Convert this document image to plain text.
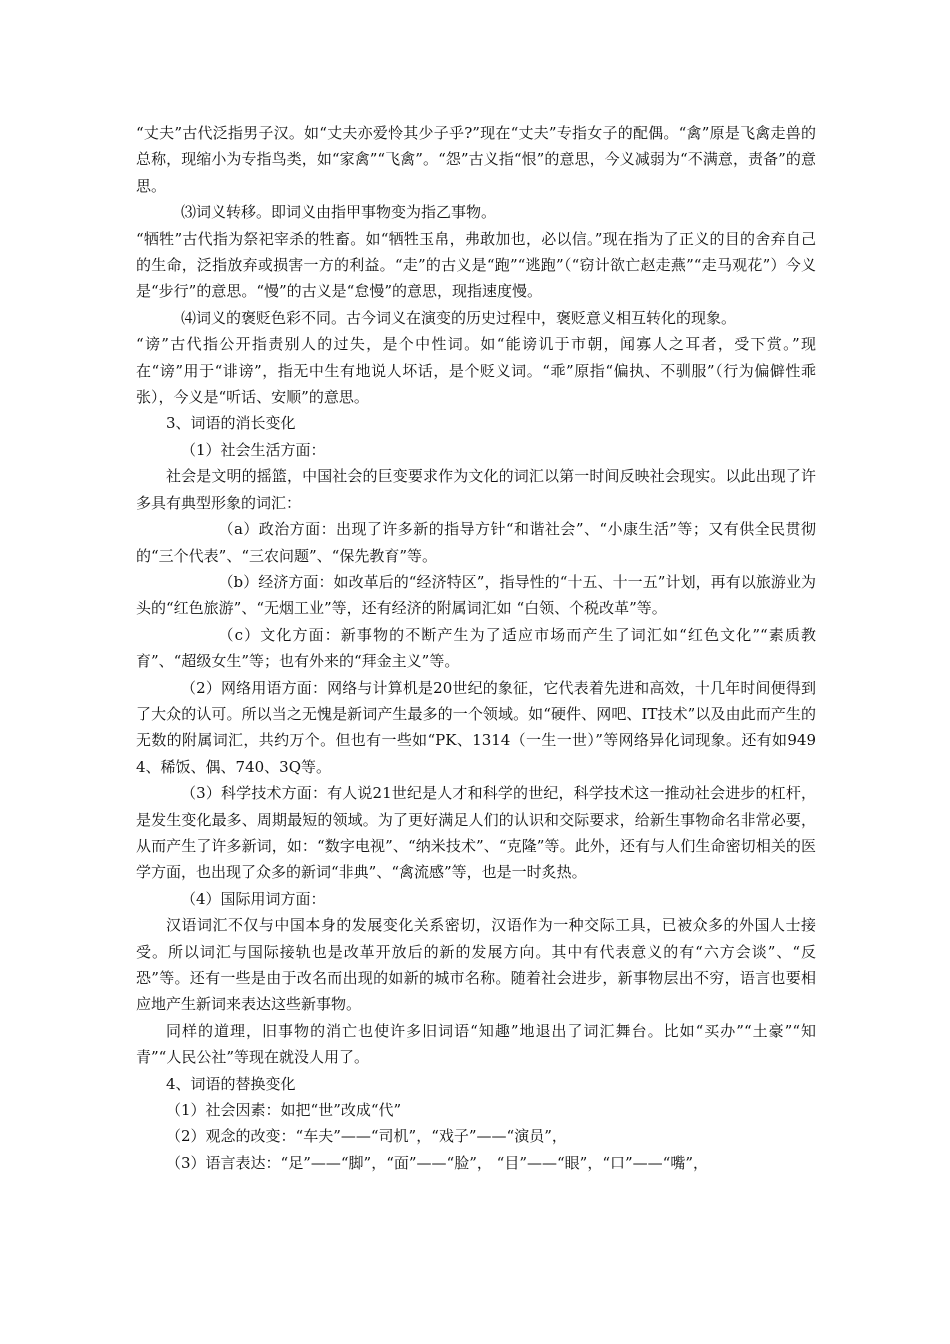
“丈夫”古代泛指男子汉。如“丈夫亦爱怜其少子乎?”现在“丈夫”专指女子的配偶。“禽”原是飞禽走兽的总称，现缩小为专指鸟类，如“家禽”“飞禽”。“怨”古义指“恨”的意思，今义减弱为“不满意，责备”的意思。

⑶词义转移。即词义由指甲事物变为指乙事物。

“牺牲”古代指为祭祀宰杀的牲畜。如“牺牲玉帛，弗敢加也，必以信。”现在指为了正义的目的舍弃自己的生命，泛指放弃或损害一方的利益。“走”的古义是“跑”“逃跑”（“窃计欲亡赵走燕”“走马观花”）今义是“步行”的意思。“慢”的古义是“怠慢”的意思，现指速度慢。

⑷词义的褒贬色彩不同。古今词义在演变的历史过程中，褒贬意义相互转化的现象。

“谤”古代指公开指责别人的过失，是个中性词。如“能谤讥于市朝，闻寡人之耳者，受下赏。”现在“谤”用于“诽谤”，指无中生有地说人坏话，是个贬义词。“乖”原指“偏执、不驯服”（行为偏僻性乖张），今义是“听话、安顺”的意思。

3、词语的消长变化

（1）社会生活方面：

社会是文明的摇篮，中国社会的巨变要求作为文化的词汇以第一时间反映社会现实。以此出现了许多具有典型形象的词汇：

（a）政治方面：出现了许多新的指导方针“和谐社会”、“小康生活”等；又有供全民贯彻的“三个代表”、“三农问题”、“保先教育”等。

（b）经济方面：如改革后的“经济特区”，指导性的“十五、十一五”计划，再有以旅游业为头的“红色旅游”、“无烟工业”等，还有经济的附属词汇如 “白领、个税改革”等。

（c）文化方面：新事物的不断产生为了适应市场而产生了词汇如“红色文化”“素质教育”、“超级女生”等；也有外来的“拜金主义”等。

（2）网络用语方面：网络与计算机是20世纪的象征，它代表着先进和高效，十几年时间便得到了大众的认可。所以当之无愧是新词产生最多的一个领域。如“硬件、网吧、IT技术”以及由此而产生的无数的附属词汇，共约万个。但也有一些如“PK、1314（一生一世）”等网络异化词现象。还有如9494、稀饭、偶、740、3Q等。

（3）科学技术方面：有人说21世纪是人才和科学的世纪，科学技术这一推动社会进步的杠杆，是发生变化最多、周期最短的领域。为了更好满足人们的认识和交际要求，给新生事物命名非常必要，从而产生了许多新词，如：“数字电视”、“纳米技术”、“克隆”等。此外，还有与人们生命密切相关的医学方面，也出现了众多的新词“非典”、“禽流感”等，也是一时炙热。

（4）国际用词方面：

汉语词汇不仅与中国本身的发展变化关系密切，汉语作为一种交际工具，已被众多的外国人士接受。所以词汇与国际接轨也是改革开放后的新的发展方向。其中有代表意义的有“六方会谈”、“反恐”等。还有一些是由于改名而出现的如新的城市名称。随着社会进步，新事物层出不穷，语言也要相应地产生新词来表达这些新事物。

同样的道理，旧事物的消亡也使许多旧词语“知趣”地退出了词汇舞台。比如“买办”“土豪”“知青”“人民公社”等现在就没人用了。

4、词语的替换变化

（1）社会因素：如把“世”改成“代”

（2）观念的改变：“车夫”——“司机”，“戏子”——“演员”，

（3）语言表达：“足”——“脚”，“面”——“脸”， “目”——“眼”，“口”——“嘴”，
